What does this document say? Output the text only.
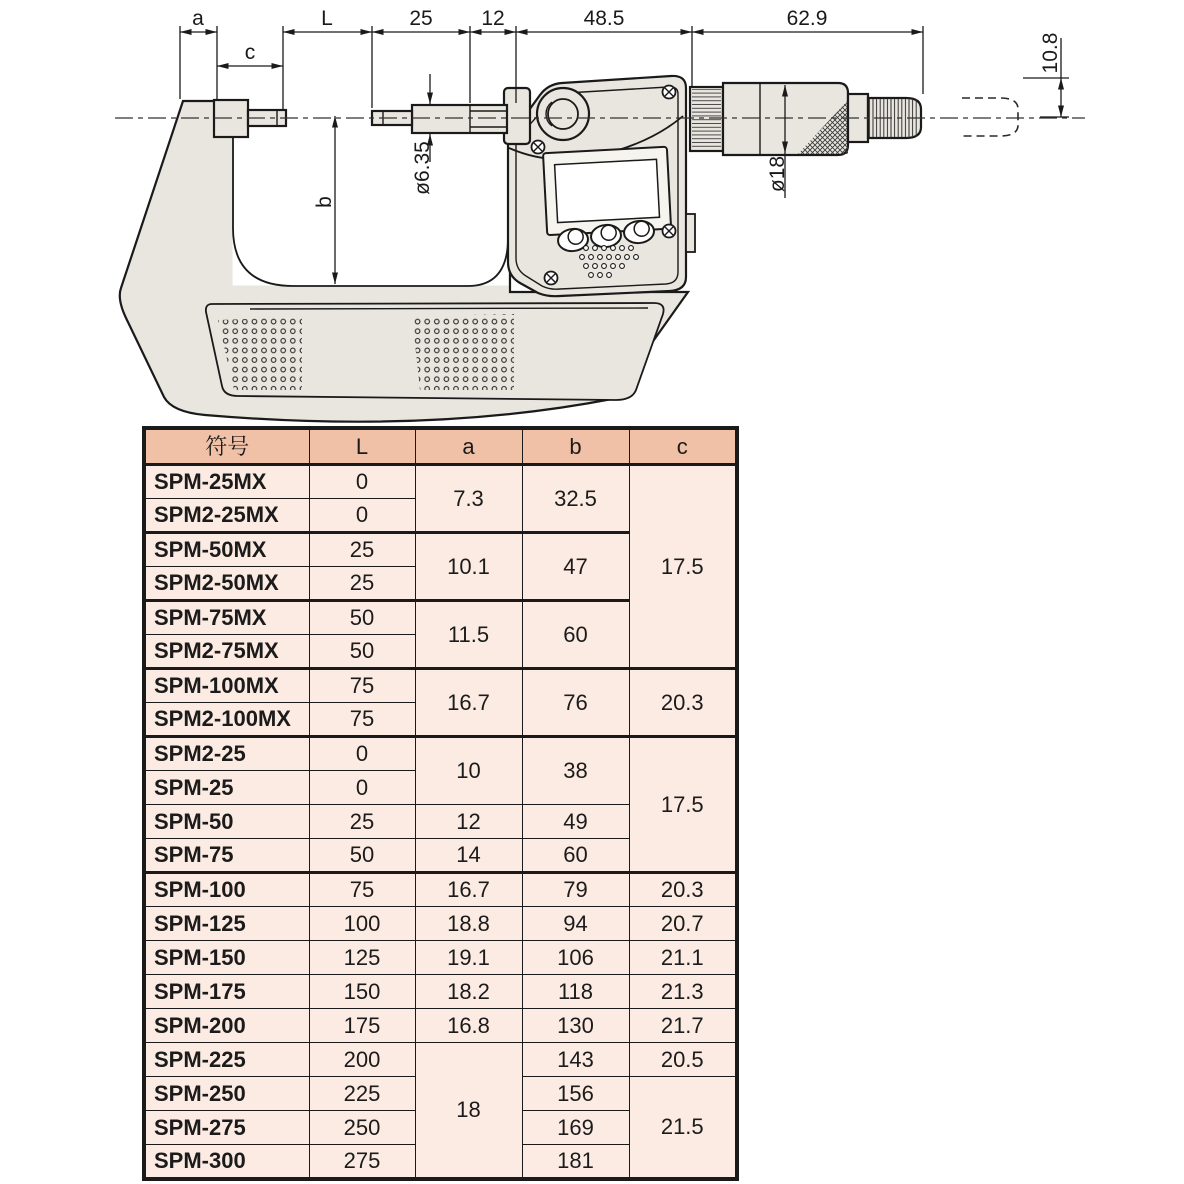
a
c
L	25 12	48.5	62.9
b
ø6.35	ø18
10.8
符号	L	a	b	c
SPM-25MX	0	7.3	32.5	17.5
SPM2-25MX	0			
SPM-50MX	25	10.1	47	
SPM2-50MX	25			
SPM-75MX	50	11.5	60	
SPM2-75MX	50			
SPM-100MX	75	16.7	76	20.3
SPM2-100MX	75			
SPM2-25	0	10	38	17.5
SPM-25	0			
SPM-50	25	12	49	
SPM-75	50	14	60	
SPM-100	75	16.7	79	20.3
SPM-125	100	18.8	94	20.7
SPM-150	125	19.1	106	21.1
SPM-175	150	18.2	118	21.3
SPM-200	175	16.8	130	21.7
SPM-225	200	18	143	20.5
SPM-250	225		156	21.5
SPM-275	250		169	
SPM-300	275		181	
